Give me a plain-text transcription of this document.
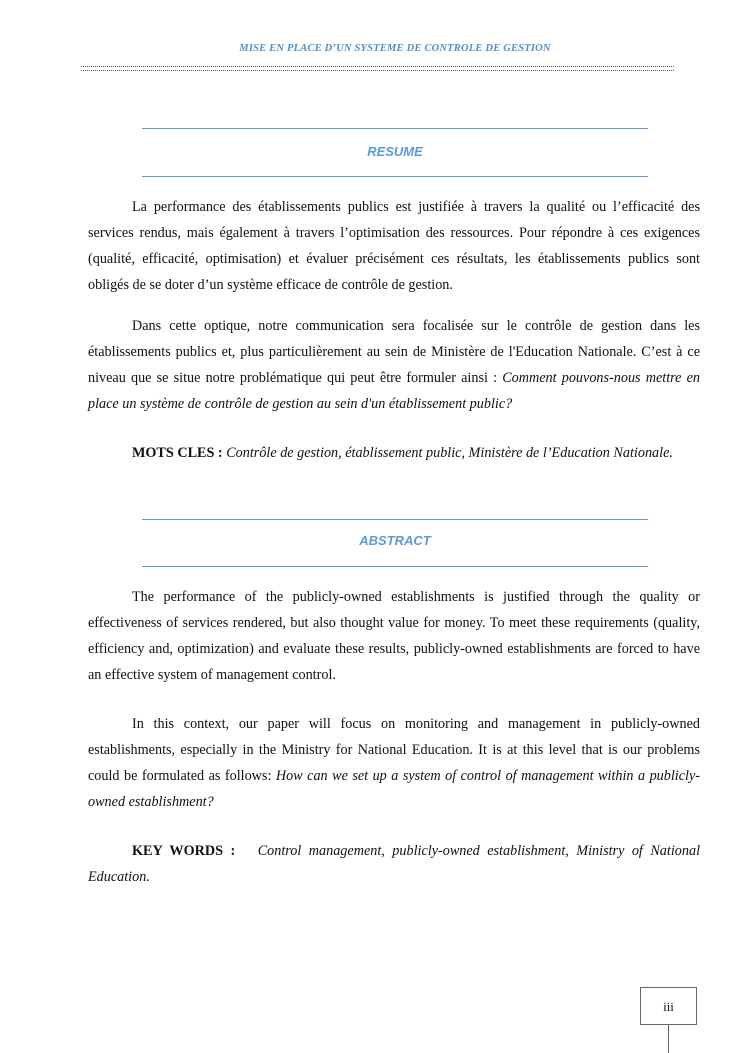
MISE EN PLACE D’UN SYSTEME DE CONTROLE DE GESTION
RESUME
La performance des établissements publics est justifiée à travers la qualité ou l’efficacité des services rendus, mais également à travers l’optimisation des ressources. Pour répondre à ces exigences (qualité, efficacité, optimisation) et évaluer précisément ces résultats, les établissements publics sont obligés de se doter d’un système efficace de contrôle de gestion.
Dans cette optique, notre communication sera focalisée sur le contrôle de gestion dans les établissements publics et, plus particulièrement au sein de Ministère de l'Education Nationale. C’est à ce niveau que se situe notre problématique qui peut être formuler ainsi : Comment pouvons-nous mettre en place un système de contrôle de gestion au sein d'un établissement public?
MOTS CLES : Contrôle de gestion, établissement public, Ministère de l’Education Nationale.
ABSTRACT
The performance of the publicly-owned establishments is justified through the quality or effectiveness of services rendered, but also thought value for money. To meet these requirements (quality, efficiency and, optimization) and evaluate these results, publicly-owned establishments are forced to have an effective system of management control.
In this context, our paper will focus on monitoring and management in publicly-owned establishments, especially in the Ministry for National Education. It is at this level that is our problems could be formulated as follows: How can we set up a system of control of management within a publicly-owned establishment?
KEY WORDS : Control management, publicly-owned establishment, Ministry of National Education.
iii
